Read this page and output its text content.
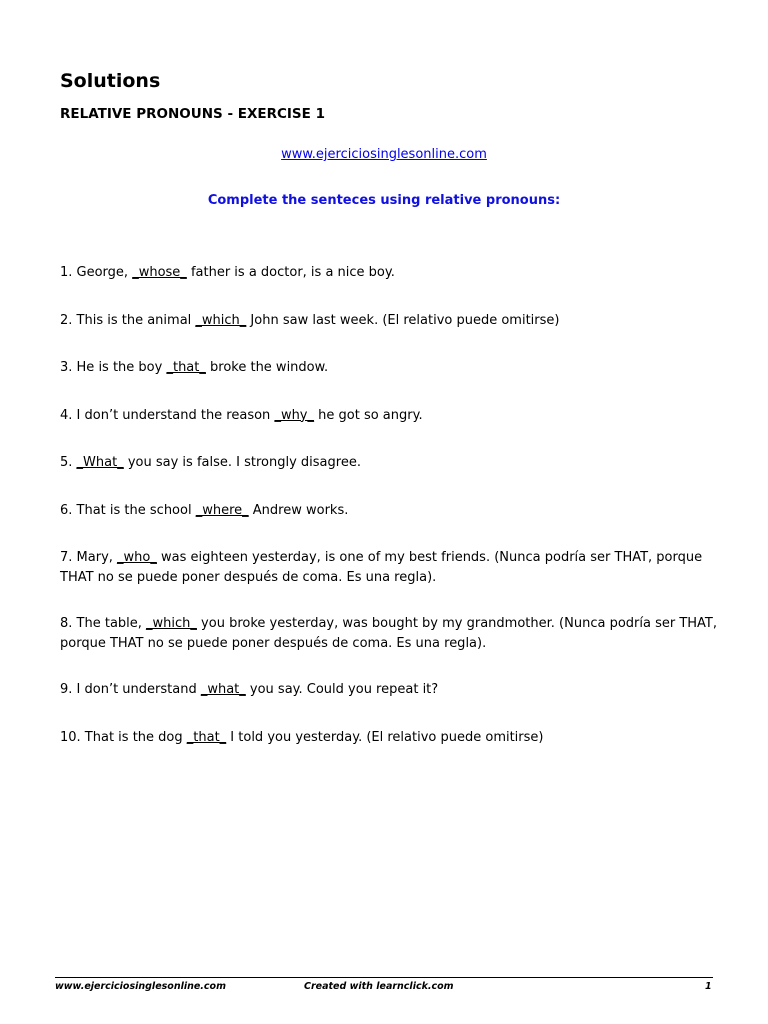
Solutions
RELATIVE PRONOUNS - EXERCISE 1
www.ejerciciosinglesonline.com
Complete the senteces using relative pronouns:
1. George, _whose_ father is a doctor, is a nice boy.
2. This is the animal _which_ John saw last week. (El relativo puede omitirse)
3. He is the boy _that_ broke the window.
4. I don’t understand the reason _why_ he got so angry.
5. _What_ you say is false. I strongly disagree.
6. That is the school _where_ Andrew works.
7. Mary, _who_ was eighteen yesterday, is one of my best friends. (Nunca podría ser THAT, porque THAT no se puede poner después de coma. Es una regla).
8. The table, _which_ you broke yesterday, was bought by my grandmother. (Nunca podría ser THAT, porque THAT no se puede poner después de coma. Es una regla).
9. I don’t understand _what_ you say. Could you repeat it?
10. That is the dog _that_ I told you yesterday. (El relativo puede omitirse)
www.ejerciciosinglesonline.com	Created with learnclick.com	1
